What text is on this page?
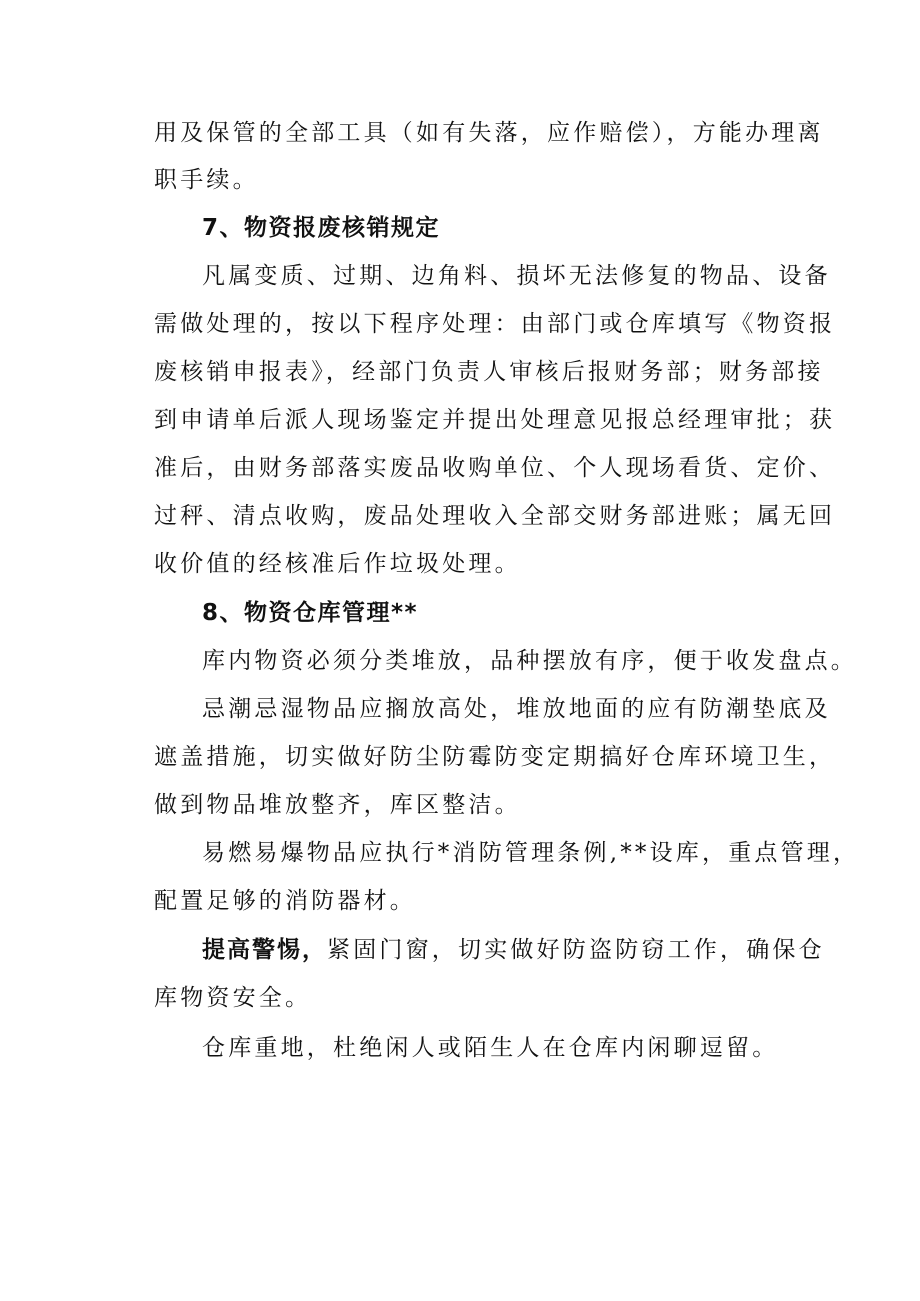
用及保管的全部工具（如有失落，应作赔偿），方能办理离
职手续。
7、物资报废核销规定
凡属变质、过期、边角料、损坏无法修复的物品、设备
需做处理的，按以下程序处理：由部门或仓库填写《物资报
废核销申报表》，经部门负责人审核后报财务部；财务部接
到申请单后派人现场鉴定并提出处理意见报总经理审批；获
准后，由财务部落实废品收购单位、个人现场看货、定价、
过秤、清点收购，废品处理收入全部交财务部进账；属无回
收价值的经核准后作垃圾处理。
8、物资仓库管理**
库内物资必须分类堆放，品种摆放有序，便于收发盘点。
忌潮忌湿物品应搁放高处，堆放地面的应有防潮垫底及
遮盖措施，切实做好防尘防霉防变定期搞好仓库环境卫生，
做到物品堆放整齐，库区整洁。
易燃易爆物品应执行*消防管理条例,**设库，重点管理，
配置足够的消防器材。
提高警惕，紧固门窗，切实做好防盗防窃工作，确保仓
库物资安全。
仓库重地，杜绝闲人或陌生人在仓库内闲聊逗留。
